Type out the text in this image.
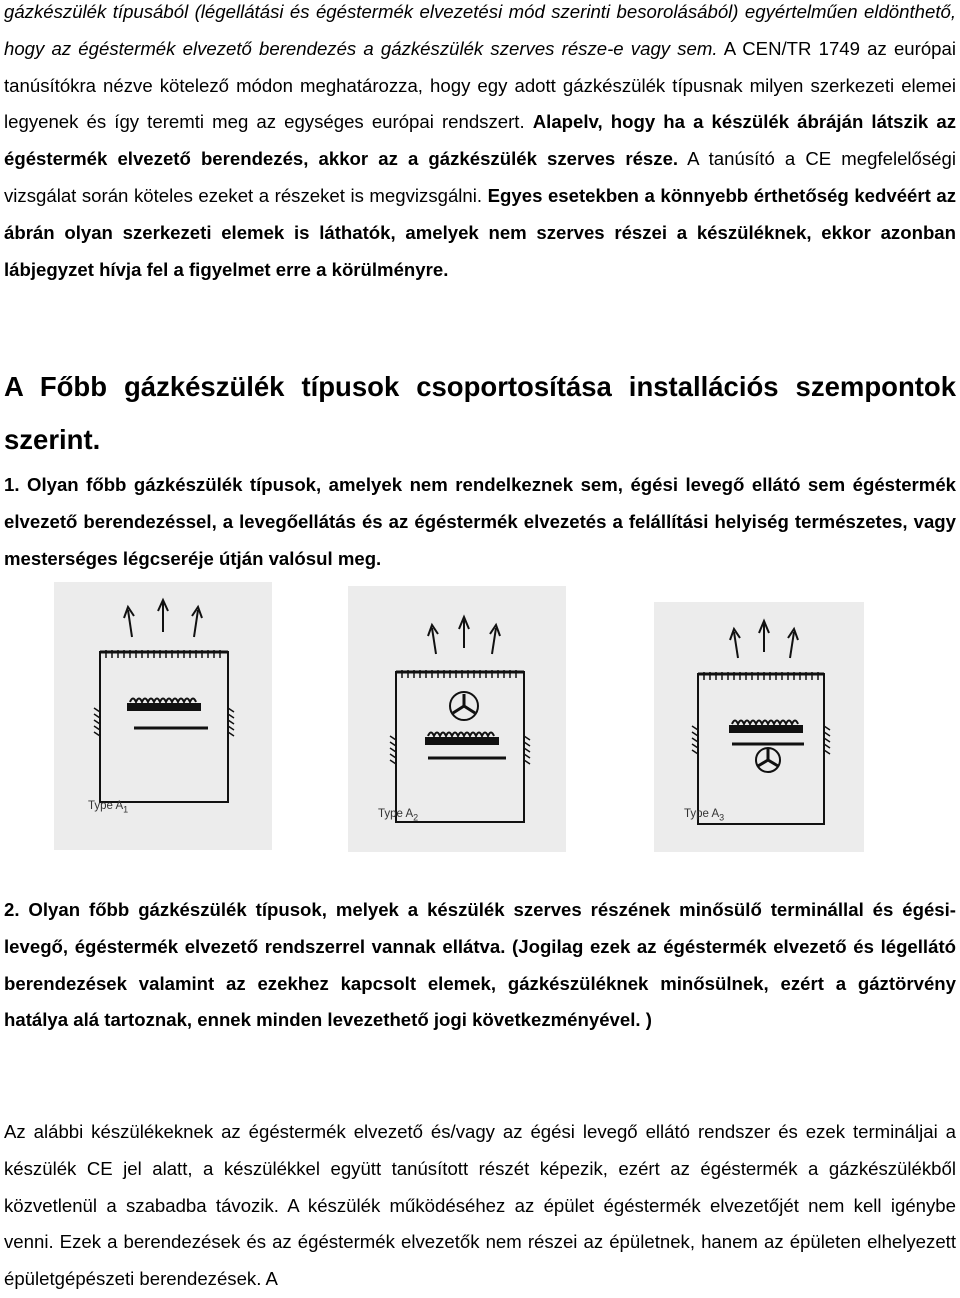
gázkészülék típusából (légellátási és égéstermék elvezetési mód szerinti besorolásából) egyértelműen eldönthető, hogy az égéstermék elvezető berendezés a gázkészülék szerves része-e vagy sem. A CEN/TR 1749 az európai tanúsítókra nézve kötelező módon meghatározza, hogy egy adott gázkészülék típusnak milyen szerkezeti elemei legyenek és így teremti meg az egységes európai rendszert. Alapelv, hogy ha a készülék ábráján látszik az égéstermék elvezető berendezés, akkor az a gázkészülék szerves része. A tanúsító a CE megfelelőségi vizsgálat során köteles ezeket a részeket is megvizsgálni. Egyes esetekben a könnyebb érthetőség kedvéért az ábrán olyan szerkezeti elemek is láthatók, amelyek nem szerves részei a készüléknek, ekkor azonban lábjegyzet hívja fel a figyelmet erre a körülményre.

A Főbb gázkészülék típusok csoportosítása installációs szempontok szerint.

1. Olyan főbb gázkészülék típusok, amelyek nem rendelkeznek sem, égési levegő ellátó sem égéstermék elvezető berendezéssel, a levegőellátás és az égéstermék elvezetés a felállítási helyiség természetes, vagy mesterséges légcseréje útján valósul meg.

Type $A_1$	Type $A_2$	Type $A_3$

2. Olyan főbb gázkészülék típusok, melyek a készülék szerves részének minősülő terminállal és égési-levegő, égéstermék elvezető rendszerrel vannak ellátva. (Jogilag ezek az égéstermék elvezető és légellátó berendezések valamint az ezekhez kapcsolt elemek, gázkészüléknek minősülnek, ezért a gáztörvény hatálya alá tartoznak, ennek minden levezethető jogi következményével. )

Az alábbi készülékeknek az égéstermék elvezető és/vagy az égési levegő ellátó rendszer és ezek termináljai a készülék CE jel alatt, a készülékkel együtt tanúsított részét képezik, ezért az égéstermék a gázkészülékből közvetlenül a szabadba távozik. A készülék működéséhez az épület égéstermék elvezetőjét nem kell igénybe venni. Ezek a berendezések és az égéstermék elvezetők nem részei az épületnek, hanem az épületen elhelyezett épületgépészeti berendezések. A
